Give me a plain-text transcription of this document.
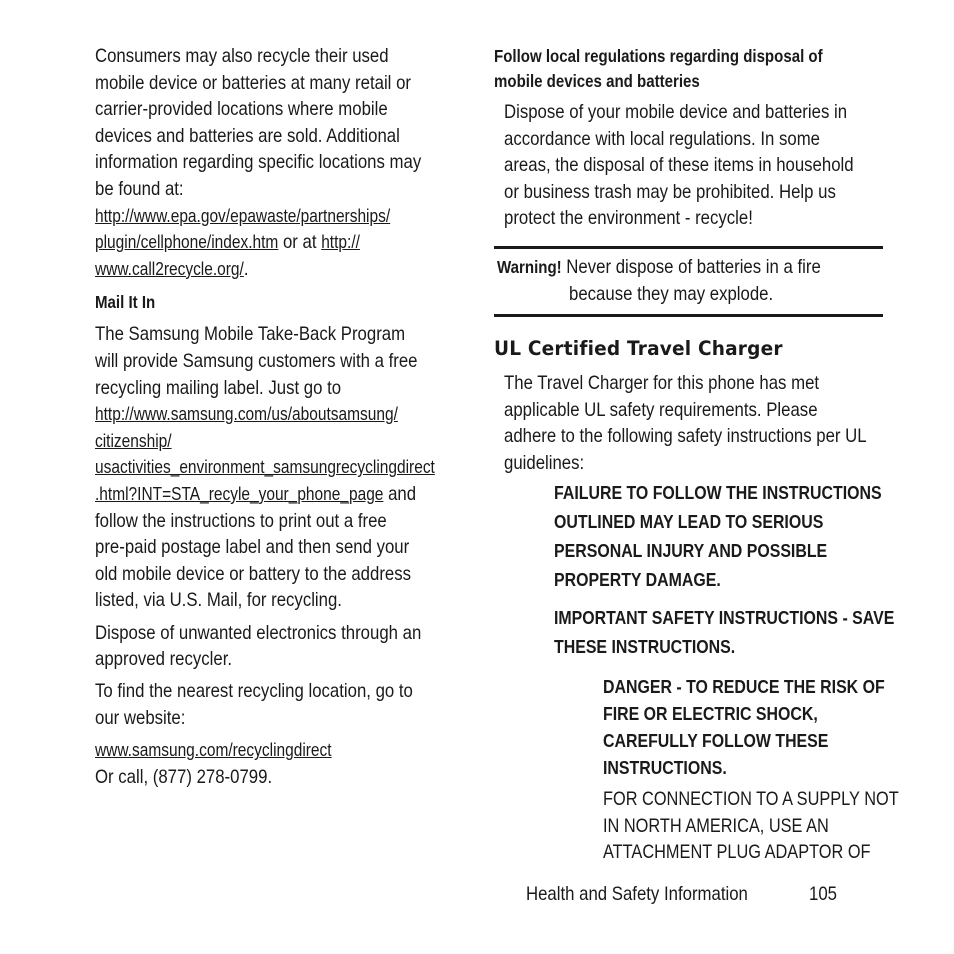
Consumers may also recycle their used
mobile device or batteries at many retail or
carrier-provided locations where mobile
devices and batteries are sold. Additional
information regarding specific locations may
be found at:
http://www.epa.gov/epawaste/partnerships/
plugin/cellphone/index.htm or at http://
www.call2recycle.org/.
Mail It In
The Samsung Mobile Take-Back Program
will provide Samsung customers with a free
recycling mailing label. Just go to
http://www.samsung.com/us/aboutsamsung/
citizenship/
usactivities_environment_samsungrecyclingdirect
.html?INT=STA_recyle_your_phone_page and
follow the instructions to print out a free
pre-paid postage label and then send your
old mobile device or battery to the address
listed, via U.S. Mail, for recycling.
Dispose of unwanted electronics through an
approved recycler.
To find the nearest recycling location, go to
our website:
www.samsung.com/recyclingdirect
Or call, (877) 278-0799.
Follow local regulations regarding disposal of
mobile devices and batteries
Dispose of your mobile device and batteries in
accordance with local regulations. In some
areas, the disposal of these items in household
or business trash may be prohibited. Help us
protect the environment - recycle!
Warning! Never dispose of batteries in a fire
because they may explode.
UL Certified Travel Charger
The Travel Charger for this phone has met
applicable UL safety requirements. Please
adhere to the following safety instructions per UL
guidelines:
FAILURE TO FOLLOW THE INSTRUCTIONS
OUTLINED MAY LEAD TO SERIOUS
PERSONAL INJURY AND POSSIBLE
PROPERTY DAMAGE.
IMPORTANT SAFETY INSTRUCTIONS - SAVE
THESE INSTRUCTIONS.
DANGER - TO REDUCE THE RISK OF
FIRE OR ELECTRIC SHOCK,
CAREFULLY FOLLOW THESE
INSTRUCTIONS.
FOR CONNECTION TO A SUPPLY NOT
IN NORTH AMERICA, USE AN
ATTACHMENT PLUG ADAPTOR OF
Health and Safety Information	105
